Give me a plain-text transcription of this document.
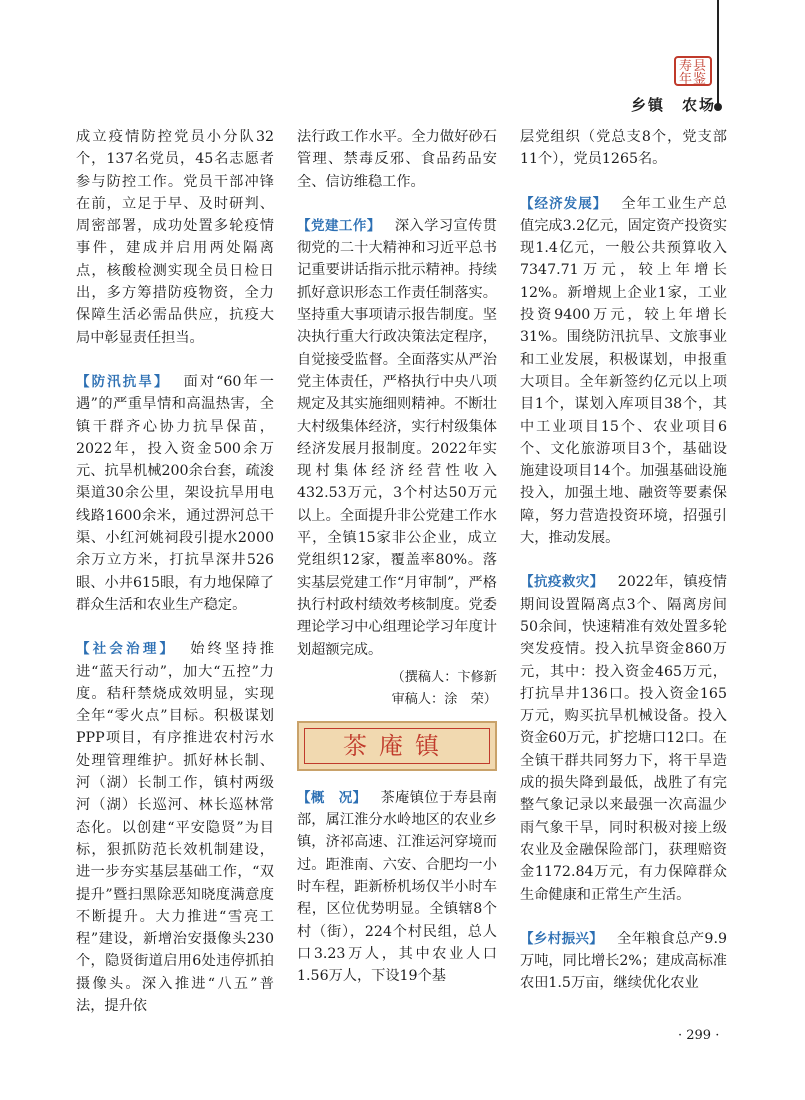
寿县
年鉴
乡镇　农场

成立疫情防控党员小分队32个，137名党员，45名志愿者参与防控工作。党员干部冲锋在前，立足于早、及时研判、周密部署，成功处置多轮疫情事件，建成并启用两处隔离点，核酸检测实现全员日检日出，多方筹措防疫物资，全力保障生活必需品供应，抗疫大局中彰显责任担当。

【防汛抗旱】 面对“60年一遇”的严重旱情和高温热害，全镇干群齐心协力抗旱保苗，2022年，投入资金500余万元、抗旱机械200余台套，疏浚渠道30余公里，架设抗旱用电线路1600余米，通过淠河总干渠、小红河姚祠段引提水2000余万立方米，打抗旱深井526眼、小井615眼，有力地保障了群众生活和农业生产稳定。

【社会治理】 始终坚持推进“蓝天行动”，加大“五控”力度。秸秆禁烧成效明显，实现全年“零火点”目标。积极谋划PPP项目，有序推进农村污水处理管理维护。抓好林长制、河（湖）长制工作，镇村两级河（湖）长巡河、林长巡林常态化。以创建“平安隐贤”为目标，狠抓防范长效机制建设，进一步夯实基层基础工作，“双提升”暨扫黑除恶知晓度满意度不断提升。大力推进“雪亮工程”建设，新增治安摄像头230个，隐贤街道启用6处违停抓拍摄像头。深入推进“八五”普法，提升依

法行政工作水平。全力做好砂石管理、禁毒反邪、食品药品安全、信访维稳工作。

【党建工作】 深入学习宣传贯彻党的二十大精神和习近平总书记重要讲话指示批示精神。持续抓好意识形态工作责任制落实。坚持重大事项请示报告制度。坚决执行重大行政决策法定程序，自觉接受监督。全面落实从严治党主体责任，严格执行中央八项规定及其实施细则精神。不断壮大村级集体经济，实行村级集体经济发展月报制度。2022年实现村集体经济经营性收入432.53万元，3个村达50万元以上。全面提升非公党建工作水平，全镇15家非公企业，成立党组织12家，覆盖率80%。落实基层党建工作“月审制”，严格执行村政村绩效考核制度。党委理论学习中心组理论学习年度计划超额完成。

（撰稿人：卞修新
审稿人：涂　荣）
茶庵镇

【概　况】 茶庵镇位于寿县南部，属江淮分水岭地区的农业乡镇，济祁高速、江淮运河穿境而过。距淮南、六安、合肥均一小时车程，距新桥机场仅半小时车程，区位优势明显。全镇辖8个村（街），224个村民组，总人口3.23万人，其中农业人口1.56万人，下设19个基

层党组织（党总支8个，党支部11个），党员1265名。

【经济发展】 全年工业生产总值完成3.2亿元，固定资产投资实现1.4亿元，一般公共预算收入7347.71万元，较上年增长12%。新增规上企业1家，工业投资9400万元，较上年增长31%。围绕防汛抗旱、文旅事业和工业发展，积极谋划，申报重大项目。全年新签约亿元以上项目1个，谋划入库项目38个，其中工业项目15个、农业项目6个、文化旅游项目3个，基础设施建设项目14个。加强基础设施投入，加强土地、融资等要素保障，努力营造投资环境，招强引大，推动发展。

【抗疫救灾】 2022年，镇疫情期间设置隔离点3个、隔离房间50余间，快速精准有效处置多轮突发疫情。投入抗旱资金860万元，其中：投入资金465万元，打抗旱井136口。投入资金165万元，购买抗旱机械设备。投入资金60万元，扩挖塘口12口。在全镇干群共同努力下，将干旱造成的损失降到最低，战胜了有完整气象记录以来最强一次高温少雨气象干旱，同时积极对接上级农业及金融保险部门，获理赔资金1172.84万元，有力保障群众生命健康和正常生产生活。

【乡村振兴】 全年粮食总产9.9万吨，同比增长2%；建成高标准农田1.5万亩，继续优化农业

· 299 ·
